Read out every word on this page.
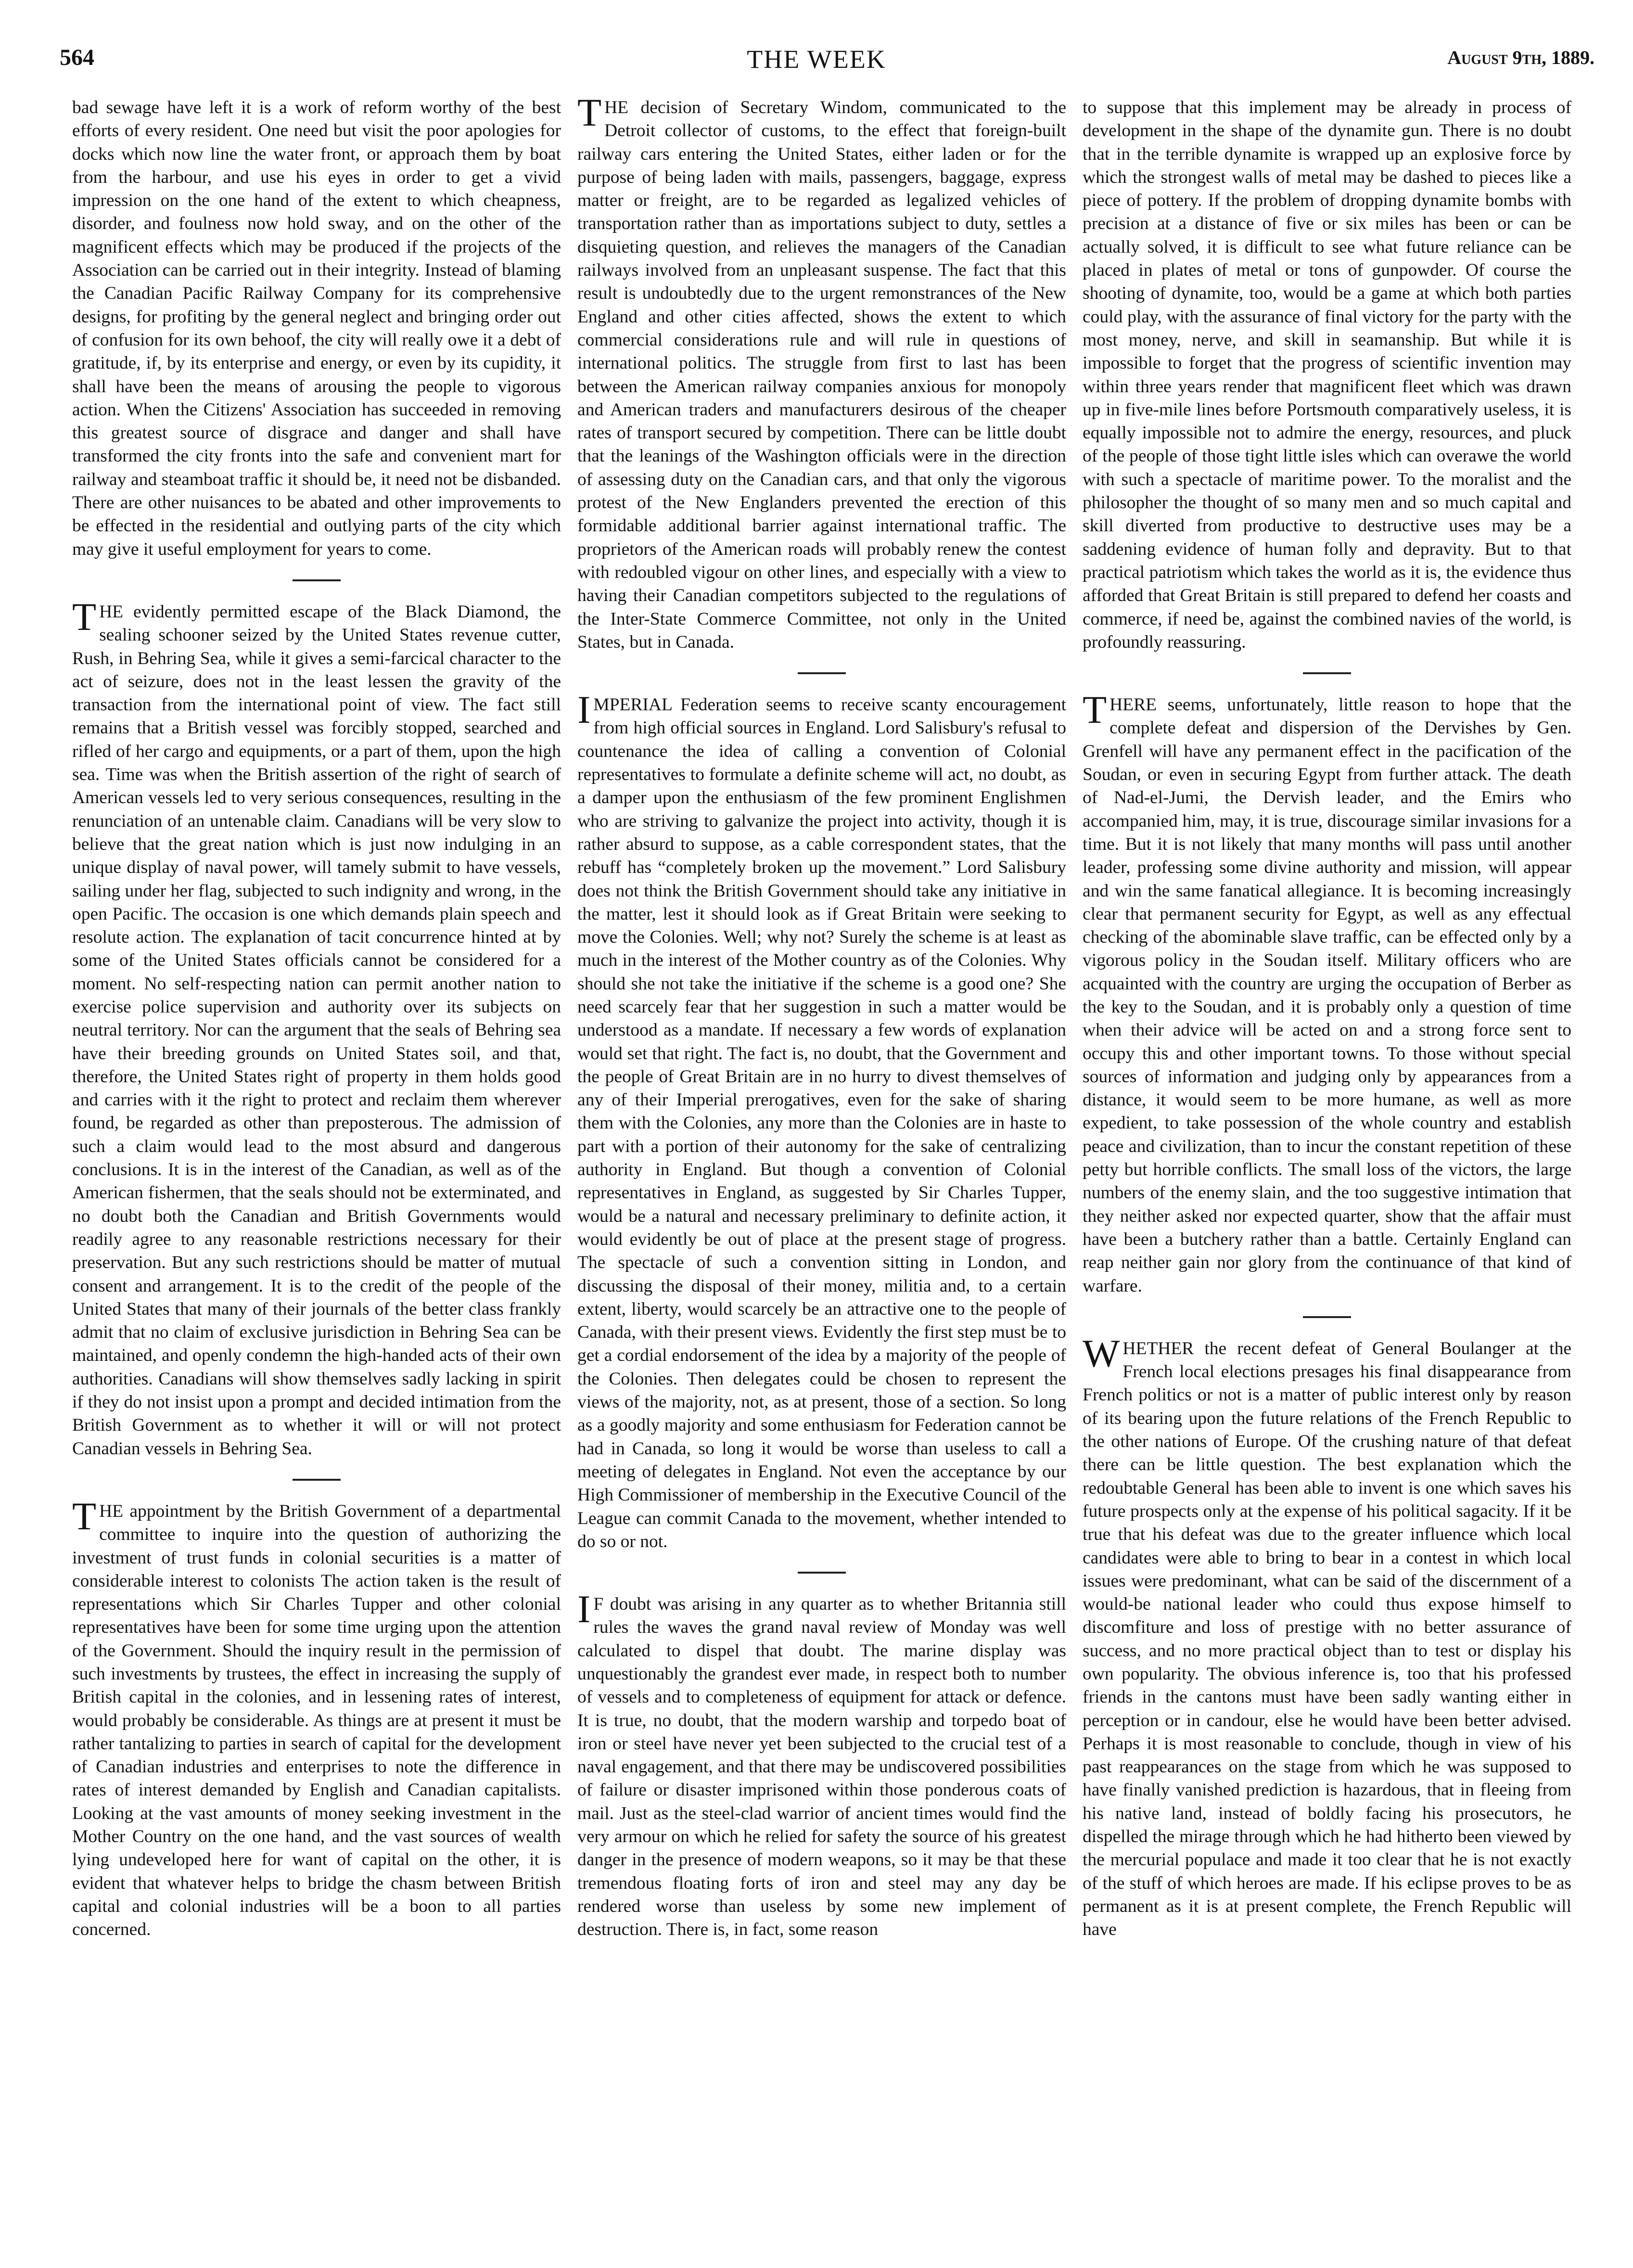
564	THE WEEK	August 9th, 1889.

bad sewage have left it is a work of reform worthy of the best efforts of every resident. One need but visit the poor apologies for docks which now line the water front, or approach them by boat from the harbour, and use his eyes in order to get a vivid impression on the one hand of the extent to which cheapness, disorder, and foulness now hold sway, and on the other of the magnificent effects which may be produced if the projects of the Association can be carried out in their integrity. Instead of blaming the Canadian Pacific Railway Company for its comprehensive designs, for profiting by the general neglect and bringing order out of confusion for its own behoof, the city will really owe it a debt of gratitude, if, by its enterprise and energy, or even by its cupidity, it shall have been the means of arousing the people to vigorous action. When the Citizens' Association has succeeded in removing this greatest source of disgrace and danger and shall have transformed the city fronts into the safe and convenient mart for railway and steamboat traffic it should be, it need not be disbanded. There are other nuisances to be abated and other improvements to be effected in the residential and outlying parts of the city which may give it useful employment for years to come.

THE evidently permitted escape of the Black Diamond, the sealing schooner seized by the United States revenue cutter, Rush, in Behring Sea, while it gives a semi-farcical character to the act of seizure, does not in the least lessen the gravity of the transaction from the international point of view. The fact still remains that a British vessel was forcibly stopped, searched and rifled of her cargo and equipments, or a part of them, upon the high sea. Time was when the British assertion of the right of search of American vessels led to very serious consequences, resulting in the renunciation of an untenable claim. Canadians will be very slow to believe that the great nation which is just now indulging in an unique display of naval power, will tamely submit to have vessels, sailing under her flag, subjected to such indignity and wrong, in the open Pacific. The occasion is one which demands plain speech and resolute action. The explanation of tacit concurrence hinted at by some of the United States officials cannot be considered for a moment. No self-respecting nation can permit another nation to exercise police supervision and authority over its subjects on neutral territory. Nor can the argument that the seals of Behring sea have their breeding grounds on United States soil, and that, therefore, the United States right of property in them holds good and carries with it the right to protect and reclaim them wherever found, be regarded as other than preposterous. The admission of such a claim would lead to the most absurd and dangerous conclusions. It is in the interest of the Canadian, as well as of the American fishermen, that the seals should not be exterminated, and no doubt both the Canadian and British Governments would readily agree to any reasonable restrictions necessary for their preservation. But any such restrictions should be matter of mutual consent and arrangement. It is to the credit of the people of the United States that many of their journals of the better class frankly admit that no claim of exclusive jurisdiction in Behring Sea can be maintained, and openly condemn the high-handed acts of their own authorities. Canadians will show themselves sadly lacking in spirit if they do not insist upon a prompt and decided intimation from the British Government as to whether it will or will not protect Canadian vessels in Behring Sea.

THE appointment by the British Government of a departmental committee to inquire into the question of authorizing the investment of trust funds in colonial securities is a matter of considerable interest to colonists The action taken is the result of representations which Sir Charles Tupper and other colonial representatives have been for some time urging upon the attention of the Government. Should the inquiry result in the permission of such investments by trustees, the effect in increasing the supply of British capital in the colonies, and in lessening rates of interest, would probably be considerable. As things are at present it must be rather tantalizing to parties in search of capital for the development of Canadian industries and enterprises to note the difference in rates of interest demanded by English and Canadian capitalists. Looking at the vast amounts of money seeking investment in the Mother Country on the one hand, and the vast sources of wealth lying undeveloped here for want of capital on the other, it is evident that whatever helps to bridge the chasm between British capital and colonial industries will be a boon to all parties concerned.

THE decision of Secretary Windom, communicated to the Detroit collector of customs, to the effect that foreign-built railway cars entering the United States, either laden or for the purpose of being laden with mails, passengers, baggage, express matter or freight, are to be regarded as legalized vehicles of transportation rather than as importations subject to duty, settles a disquieting question, and relieves the managers of the Canadian railways involved from an unpleasant suspense. The fact that this result is undoubtedly due to the urgent remonstrances of the New England and other cities affected, shows the extent to which commercial considerations rule and will rule in questions of international politics. The struggle from first to last has been between the American railway companies anxious for monopoly and American traders and manufacturers desirous of the cheaper rates of transport secured by competition. There can be little doubt that the leanings of the Washington officials were in the direction of assessing duty on the Canadian cars, and that only the vigorous protest of the New Englanders prevented the erection of this formidable additional barrier against international traffic. The proprietors of the American roads will probably renew the contest with redoubled vigour on other lines, and especially with a view to having their Canadian competitors subjected to the regulations of the Inter-State Commerce Committee, not only in the United States, but in Canada.

IMPERIAL Federation seems to receive scanty encouragement from high official sources in England. Lord Salisbury's refusal to countenance the idea of calling a convention of Colonial representatives to formulate a definite scheme will act, no doubt, as a damper upon the enthusiasm of the few prominent Englishmen who are striving to galvanize the project into activity, though it is rather absurd to suppose, as a cable correspondent states, that the rebuff has “completely broken up the movement.” Lord Salisbury does not think the British Government should take any initiative in the matter, lest it should look as if Great Britain were seeking to move the Colonies. Well; why not? Surely the scheme is at least as much in the interest of the Mother country as of the Colonies. Why should she not take the initiative if the scheme is a good one? She need scarcely fear that her suggestion in such a matter would be understood as a mandate. If necessary a few words of explanation would set that right. The fact is, no doubt, that the Government and the people of Great Britain are in no hurry to divest themselves of any of their Imperial prerogatives, even for the sake of sharing them with the Colonies, any more than the Colonies are in haste to part with a portion of their autonomy for the sake of centralizing authority in England. But though a convention of Colonial representatives in England, as suggested by Sir Charles Tupper, would be a natural and necessary preliminary to definite action, it would evidently be out of place at the present stage of progress. The spectacle of such a convention sitting in London, and discussing the disposal of their money, militia and, to a certain extent, liberty, would scarcely be an attractive one to the people of Canada, with their present views. Evidently the first step must be to get a cordial endorsement of the idea by a majority of the people of the Colonies. Then delegates could be chosen to represent the views of the majority, not, as at present, those of a section. So long as a goodly majority and some enthusiasm for Federation cannot be had in Canada, so long it would be worse than useless to call a meeting of delegates in England. Not even the acceptance by our High Commissioner of membership in the Executive Council of the League can commit Canada to the movement, whether intended to do so or not.

IF doubt was arising in any quarter as to whether Britannia still rules the waves the grand naval review of Monday was well calculated to dispel that doubt. The marine display was unquestionably the grandest ever made, in respect both to number of vessels and to completeness of equipment for attack or defence. It is true, no doubt, that the modern warship and torpedo boat of iron or steel have never yet been subjected to the crucial test of a naval engagement, and that there may be undiscovered possibilities of failure or disaster imprisoned within those ponderous coats of mail. Just as the steel-clad warrior of ancient times would find the very armour on which he relied for safety the source of his greatest danger in the presence of modern weapons, so it may be that these tremendous floating forts of iron and steel may any day be rendered worse than useless by some new implement of destruction. There is, in fact, some reason

to suppose that this implement may be already in process of development in the shape of the dynamite gun. There is no doubt that in the terrible dynamite is wrapped up an explosive force by which the strongest walls of metal may be dashed to pieces like a piece of pottery. If the problem of dropping dynamite bombs with precision at a distance of five or six miles has been or can be actually solved, it is difficult to see what future reliance can be placed in plates of metal or tons of gunpowder. Of course the shooting of dynamite, too, would be a game at which both parties could play, with the assurance of final victory for the party with the most money, nerve, and skill in seamanship. But while it is impossible to forget that the progress of scientific invention may within three years render that magnificent fleet which was drawn up in five-mile lines before Portsmouth comparatively useless, it is equally impossible not to admire the energy, resources, and pluck of the people of those tight little isles which can overawe the world with such a spectacle of maritime power. To the moralist and the philosopher the thought of so many men and so much capital and skill diverted from productive to destructive uses may be a saddening evidence of human folly and depravity. But to that practical patriotism which takes the world as it is, the evidence thus afforded that Great Britain is still prepared to defend her coasts and commerce, if need be, against the combined navies of the world, is profoundly reassuring.

THERE seems, unfortunately, little reason to hope that the complete defeat and dispersion of the Dervishes by Gen. Grenfell will have any permanent effect in the pacification of the Soudan, or even in securing Egypt from further attack. The death of Nad-el-Jumi, the Dervish leader, and the Emirs who accompanied him, may, it is true, discourage similar invasions for a time. But it is not likely that many months will pass until another leader, professing some divine authority and mission, will appear and win the same fanatical allegiance. It is becoming increasingly clear that permanent security for Egypt, as well as any effectual checking of the abominable slave traffic, can be effected only by a vigorous policy in the Soudan itself. Military officers who are acquainted with the country are urging the occupation of Berber as the key to the Soudan, and it is probably only a question of time when their advice will be acted on and a strong force sent to occupy this and other important towns. To those without special sources of information and judging only by appearances from a distance, it would seem to be more humane, as well as more expedient, to take possession of the whole country and establish peace and civilization, than to incur the constant repetition of these petty but horrible conflicts. The small loss of the victors, the large numbers of the enemy slain, and the too suggestive intimation that they neither asked nor expected quarter, show that the affair must have been a butchery rather than a battle. Certainly England can reap neither gain nor glory from the continuance of that kind of warfare.

WHETHER the recent defeat of General Boulanger at the French local elections presages his final disappearance from French politics or not is a matter of public interest only by reason of its bearing upon the future relations of the French Republic to the other nations of Europe. Of the crushing nature of that defeat there can be little question. The best explanation which the redoubtable General has been able to invent is one which saves his future prospects only at the expense of his political sagacity. If it be true that his defeat was due to the greater influence which local candidates were able to bring to bear in a contest in which local issues were predominant, what can be said of the discernment of a would-be national leader who could thus expose himself to discomfiture and loss of prestige with no better assurance of success, and no more practical object than to test or display his own popularity. The obvious inference is, too that his professed friends in the cantons must have been sadly wanting either in perception or in candour, else he would have been better advised. Perhaps it is most reasonable to conclude, though in view of his past reappearances on the stage from which he was supposed to have finally vanished prediction is hazardous, that in fleeing from his native land, instead of boldly facing his prosecutors, he dispelled the mirage through which he had hitherto been viewed by the mercurial populace and made it too clear that he is not exactly of the stuff of which heroes are made. If his eclipse proves to be as permanent as it is at present complete, the French Republic will have
